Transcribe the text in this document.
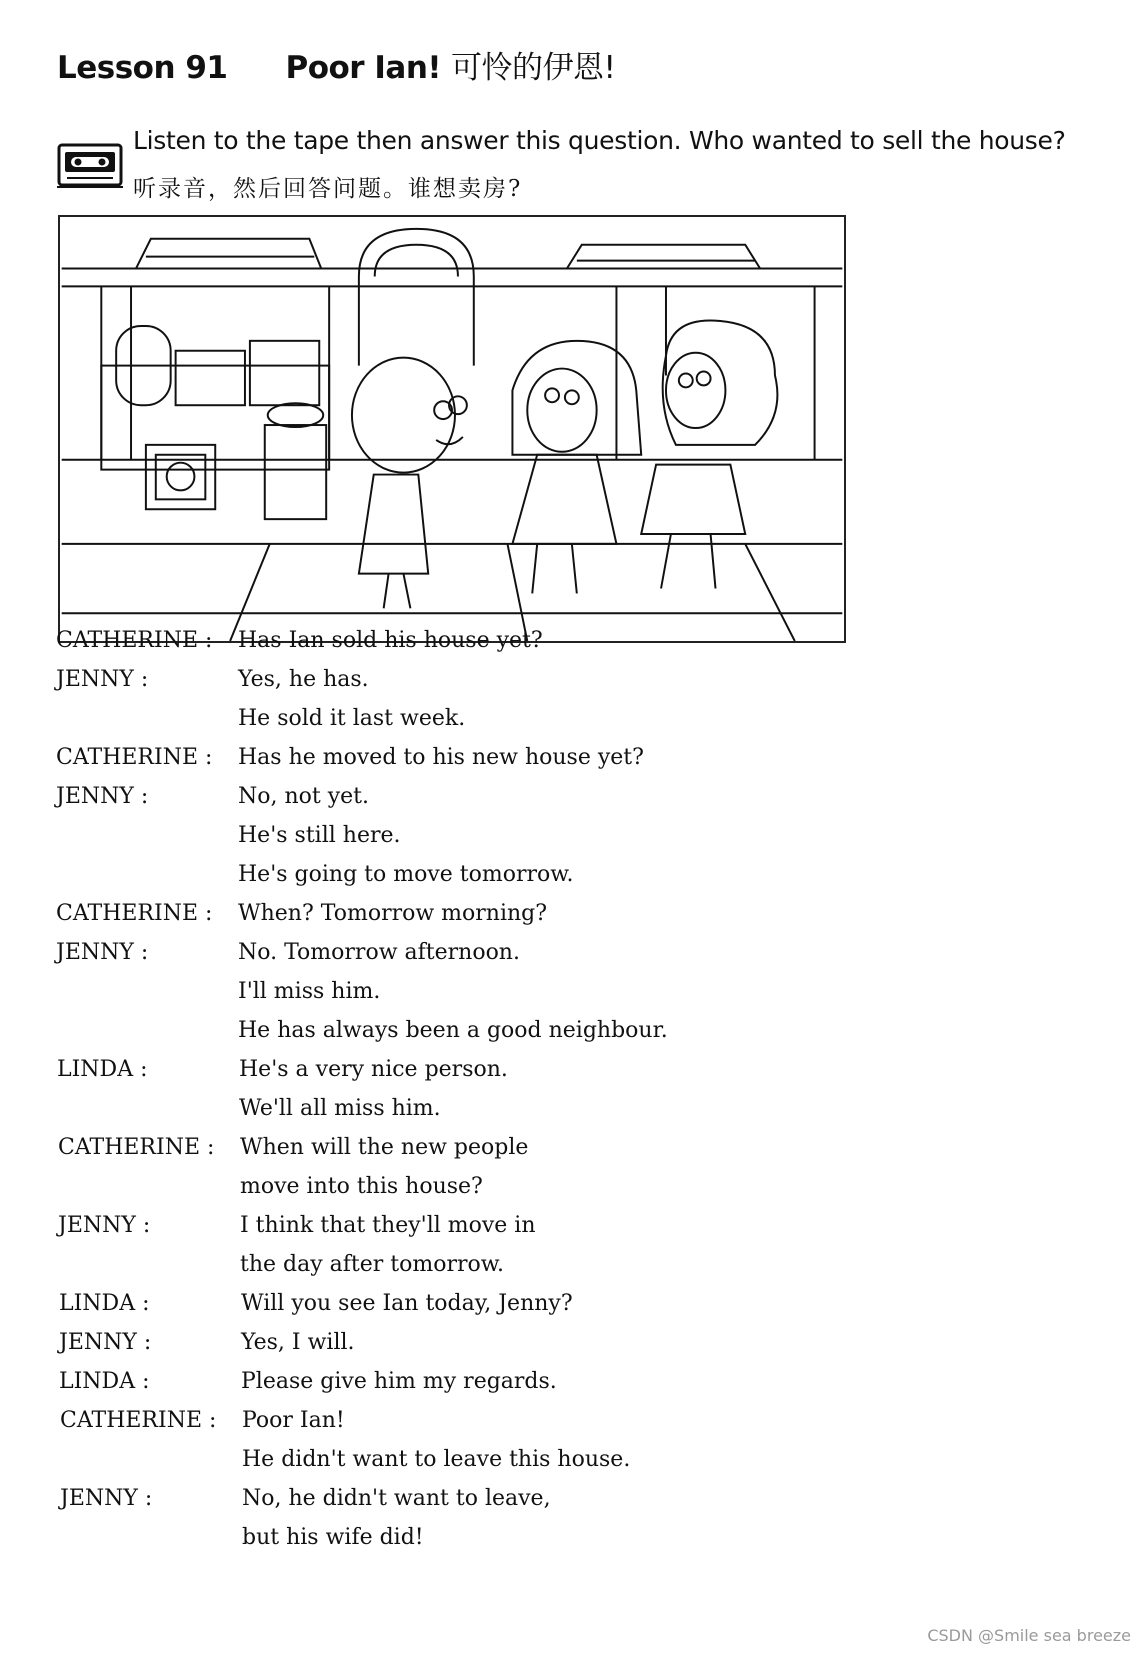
Lesson 91 Poor Ian! 可怜的伊恩!

Listen to the tape then answer this question. Who wanted to sell the house?

听录音，然后回答问题。谁想卖房?

CATHERINE : Has Ian sold his house yet?
JENNY :	Yes, he has.
He sold it last week.
CATHERINE : Has he moved to his new house yet?
JENNY :	No, not yet.
He's still here.
He's going to move tomorrow.
CATHERINE : When? Tomorrow morning?
JENNY :	No. Tomorrow afternoon.
I'll miss him.
He has always been a good neighbour.
LINDA :	He's a very nice person.
We'll all miss him.
CATHERINE : When will the new people
move into this house?
JENNY :	I think that they'll move in
the day after tomorrow.
LINDA :	Will you see Ian today, Jenny?
JENNY :	Yes, I will.
LINDA :	Please give him my regards.
CATHERINE : Poor Ian!
He didn't want to leave this house.
JENNY :	No, he didn't want to leave,
but his wife did!

CSDN @Smile sea breeze
